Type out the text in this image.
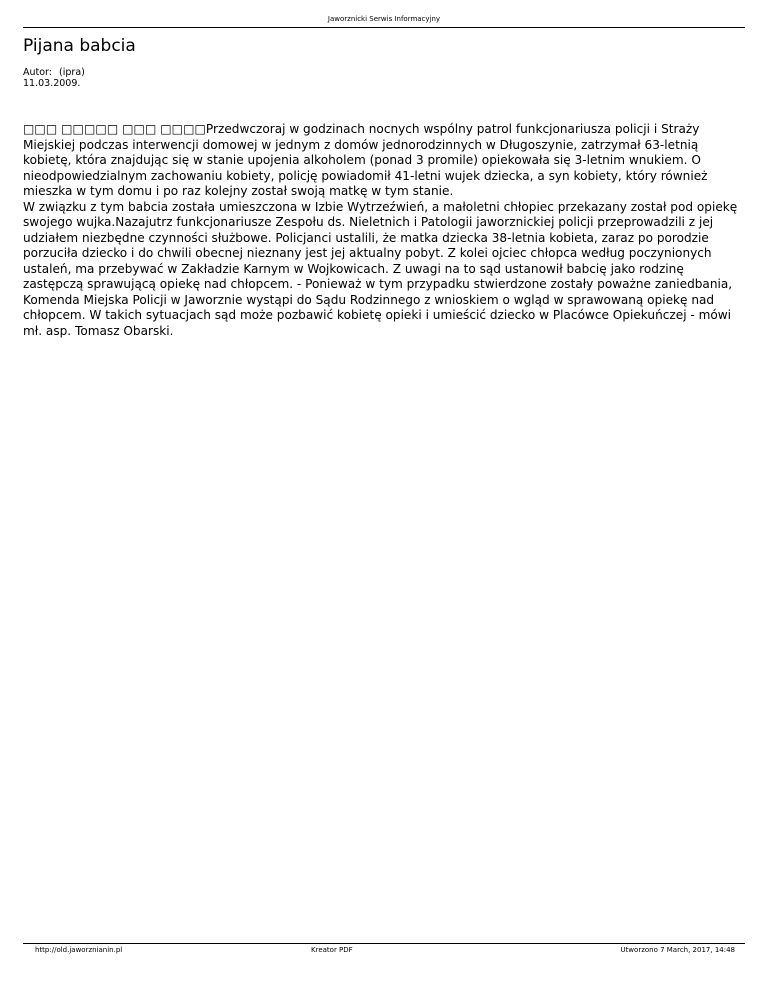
Jaworznicki Serwis Informacyjny
Pijana babcia
Autor: (ipra)
11.03.2009.

□□□ □□□□□ □□□ □□□□Przedwczoraj w godzinach nocnych wspólny patrol funkcjonariusza policji i Straży Miejskiej podczas interwencji domowej w jednym z domów jednorodzinnych w Długoszynie, zatrzymał 63-letnią kobietę, która znajdując się w stanie upojenia alkoholem (ponad 3 promile) opiekowała się 3-letnim wnukiem. O nieodpowiedzialnym zachowaniu kobiety, policję powiadomił 41-letni wujek dziecka, a syn kobiety, który również mieszka w tym domu i po raz kolejny został swoją matkę w tym stanie.
W związku z tym babcia została umieszczona w Izbie Wytrzeźwień, a małoletni chłopiec przekazany został pod opiekę swojego wujka.Nazajutrz funkcjonariusze Zespołu ds. Nieletnich i Patologii jaworznickiej policji przeprowadzili z jej udziałem niezbędne czynności służbowe. Policjanci ustalili, że matka dziecka 38-letnia kobieta, zaraz po porodzie porzuciła dziecko i do chwili obecnej nieznany jest jej aktualny pobyt. Z kolei ojciec chłopca według poczynionych ustaleń, ma przebywać w Zakładzie Karnym w Wojkowicach. Z uwagi na to sąd ustanowił babcię jako rodzinę zastępczą sprawującą opiekę nad chłopcem. - Ponieważ w tym przypadku stwierdzone zostały poważne zaniedbania, Komenda Miejska Policji w Jaworznie wystąpi do Sądu Rodzinnego z wnioskiem o wgląd w sprawowaną opiekę nad chłopcem. W takich sytuacjach sąd może pozbawić kobietę opieki i umieścić dziecko w Placówce Opiekuńczej - mówi mł. asp. Tomasz Obarski.

http://old.jaworznianin.pl	Kreator PDF	Utworzono 7 March, 2017, 14:48
